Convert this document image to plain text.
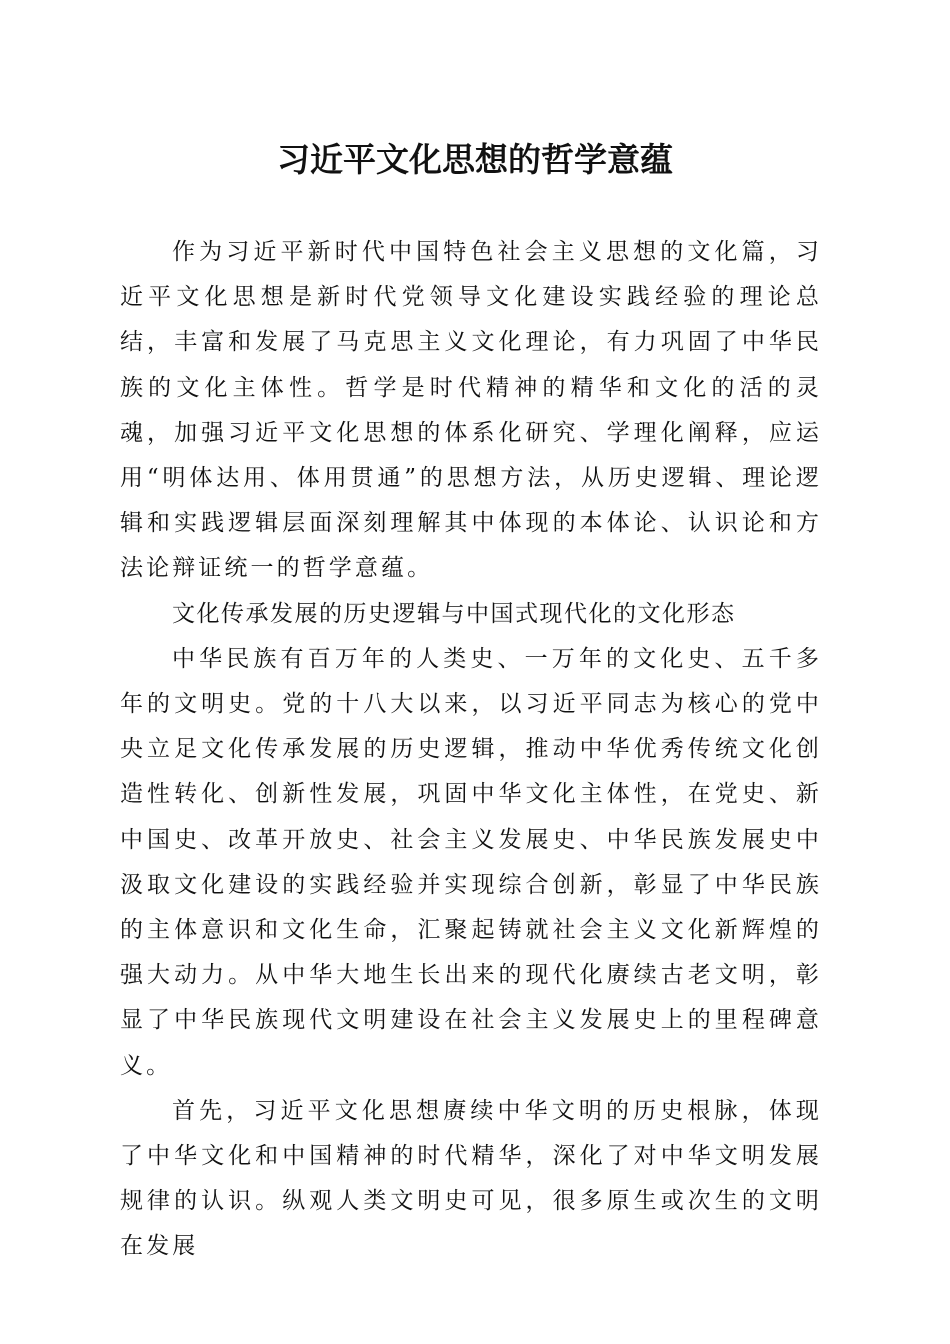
习近平文化思想的哲学意蕴

作为习近平新时代中国特色社会主义思想的文化篇，习近平文化思想是新时代党领导文化建设实践经验的理论总结，丰富和发展了马克思主义文化理论，有力巩固了中华民族的文化主体性。哲学是时代精神的精华和文化的活的灵魂，加强习近平文化思想的体系化研究、学理化阐释，应运用“明体达用、体用贯通”的思想方法，从历史逻辑、理论逻辑和实践逻辑层面深刻理解其中体现的本体论、认识论和方法论辩证统一的哲学意蕴。

文化传承发展的历史逻辑与中国式现代化的文化形态

中华民族有百万年的人类史、一万年的文化史、五千多年的文明史。党的十八大以来，以习近平同志为核心的党中央立足文化传承发展的历史逻辑，推动中华优秀传统文化创造性转化、创新性发展，巩固中华文化主体性，在党史、新中国史、改革开放史、社会主义发展史、中华民族发展史中汲取文化建设的实践经验并实现综合创新，彰显了中华民族的主体意识和文化生命，汇聚起铸就社会主义文化新辉煌的强大动力。从中华大地生长出来的现代化赓续古老文明，彰显了中华民族现代文明建设在社会主义发展史上的里程碑意义。

首先，习近平文化思想赓续中华文明的历史根脉，体现了中华文化和中国精神的时代精华，深化了对中华文明发展规律的认识。纵观人类文明史可见，很多原生或次生的文明在发展
